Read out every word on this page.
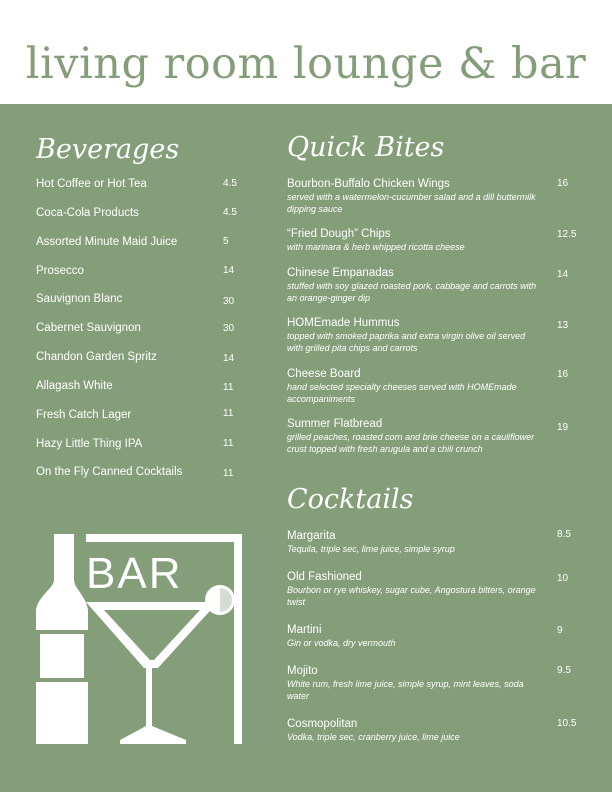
living room lounge & bar
Beverages
Hot Coffee or Hot Tea	4.5
Coca-Cola Products	4.5
Assorted Minute Maid Juice	5
Prosecco	14
Sauvignon Blanc	30
Cabernet Sauvignon	30
Chandon Garden Spritz	14
Allagash White	11
Fresh Catch Lager	11
Hazy Little Thing IPA	11
On the Fly Canned Cocktails	11
Quick Bites
Bourbon-Buffalo Chicken Wings
served with a watermelon-cucumber salad and a dill buttermilk dipping sauce
16
“Fried Dough” Chips
with marinara & herb whipped ricotta cheese
12.5
Chinese Empanadas
stuffed with soy glazed roasted pork, cabbage and carrots with an orange-ginger dip
14
HOMEmade Hummus
topped with smoked paprika and extra virgin olive oil served with grilled pita chips and carrots
13
Cheese Board
hand selected specialty cheeses served with HOMEmade accompaniments
16
Summer Flatbread
grilled peaches, roasted corn and brie cheese on a cauliflower crust topped with fresh arugula and a chili crunch
19
Cocktails
Margarita
Tequila, triple sec, lime juice, simple syrup
8.5
Old Fashioned
Bourbon or rye whiskey, sugar cube, Angostura bitters, orange twist
10
Martini
Gin or vodka, dry vermouth
9
Mojito
White rum, fresh lime juice, simple syrup, mint leaves, soda water
9.5
Cosmopolitan
Vodka, triple sec, cranberry juice, lime juice
10.5
BAR
